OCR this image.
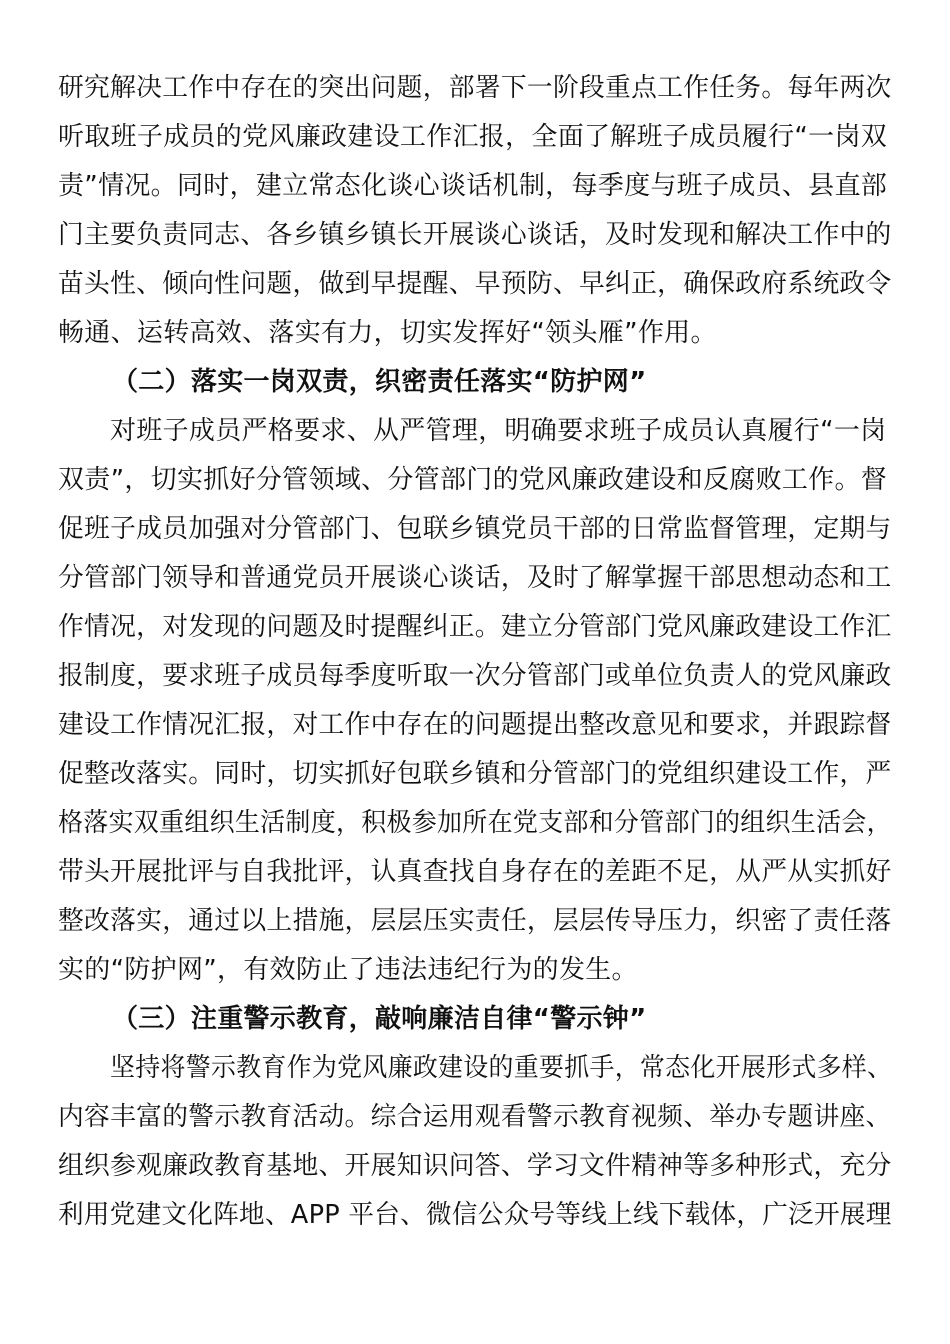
研究解决工作中存在的突出问题，部署下一阶段重点工作任务。每年两次
听取班子成员的党风廉政建设工作汇报，全面了解班子成员履行“一岗双
责”情况。同时，建立常态化谈心谈话机制，每季度与班子成员、县直部
门主要负责同志、各乡镇乡镇长开展谈心谈话，及时发现和解决工作中的
苗头性、倾向性问题，做到早提醒、早预防、早纠正，确保政府系统政令
畅通、运转高效、落实有力，切实发挥好“领头雁”作用。
（二）落实一岗双责，织密责任落实“防护网”
对班子成员严格要求、从严管理，明确要求班子成员认真履行“一岗
双责”，切实抓好分管领域、分管部门的党风廉政建设和反腐败工作。督
促班子成员加强对分管部门、包联乡镇党员干部的日常监督管理，定期与
分管部门领导和普通党员开展谈心谈话，及时了解掌握干部思想动态和工
作情况，对发现的问题及时提醒纠正。建立分管部门党风廉政建设工作汇
报制度，要求班子成员每季度听取一次分管部门或单位负责人的党风廉政
建设工作情况汇报，对工作中存在的问题提出整改意见和要求，并跟踪督
促整改落实。同时，切实抓好包联乡镇和分管部门的党组织建设工作，严
格落实双重组织生活制度，积极参加所在党支部和分管部门的组织生活会，
带头开展批评与自我批评，认真查找自身存在的差距不足，从严从实抓好
整改落实，通过以上措施，层层压实责任，层层传导压力，织密了责任落
实的“防护网”，有效防止了违法违纪行为的发生。
（三）注重警示教育，敲响廉洁自律“警示钟”
坚持将警示教育作为党风廉政建设的重要抓手，常态化开展形式多样、
内容丰富的警示教育活动。综合运用观看警示教育视频、举办专题讲座、
组织参观廉政教育基地、开展知识问答、学习文件精神等多种形式，充分
利用党建文化阵地、APP 平台、微信公众号等线上线下载体，广泛开展理
